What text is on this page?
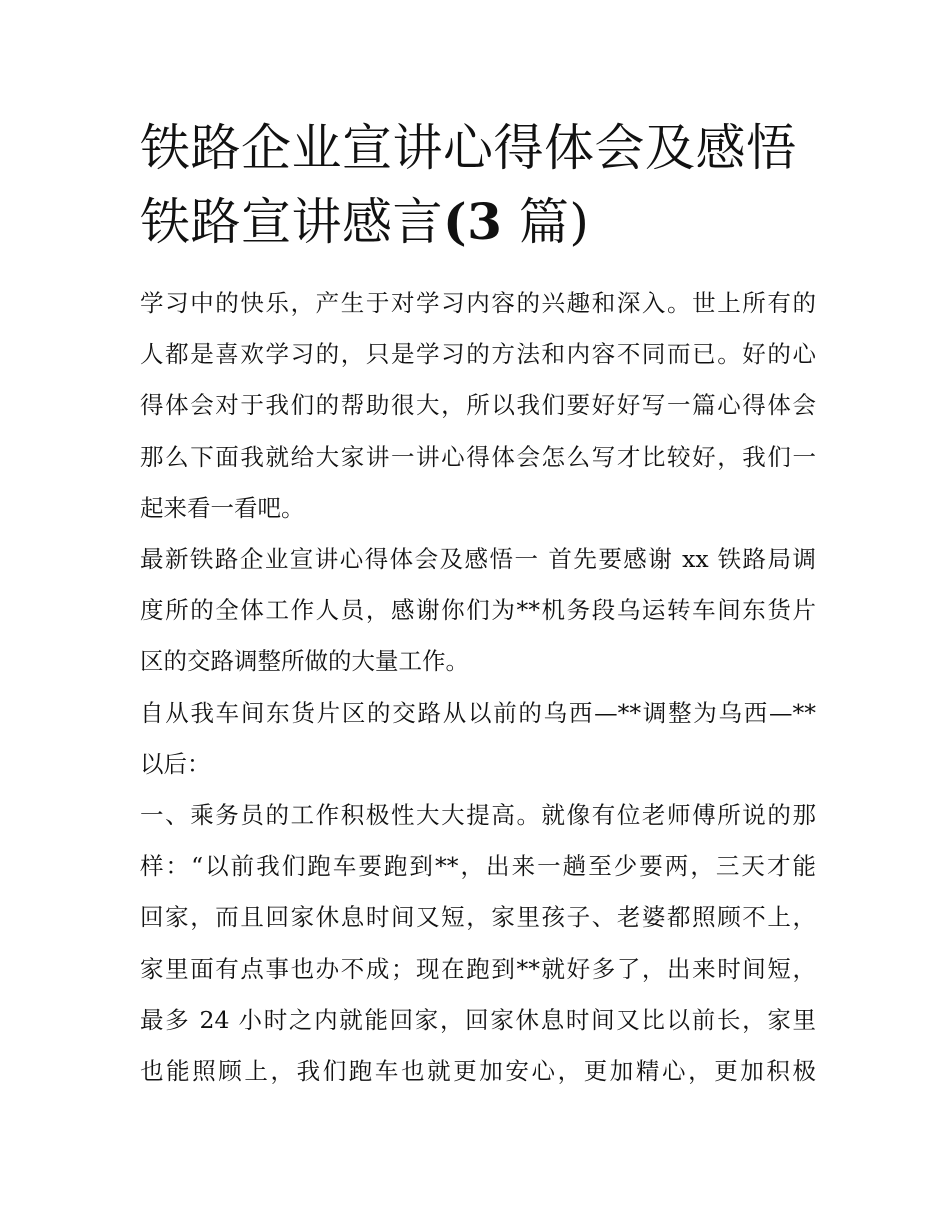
铁路企业宣讲心得体会及感悟
铁路宣讲感言(3 篇)
学习中的快乐，产生于对学习内容的兴趣和深入。世上所有的
人都是喜欢学习的，只是学习的方法和内容不同而已。好的心
得体会对于我们的帮助很大，所以我们要好好写一篇心得体会
那么下面我就给大家讲一讲心得体会怎么写才比较好，我们一
起来看一看吧。
最新铁路企业宣讲心得体会及感悟一 首先要感谢 xx 铁路局调
度所的全体工作人员，感谢你们为**机务段乌运转车间东货片
区的交路调整所做的大量工作。
自从我车间东货片区的交路从以前的乌西—**调整为乌西—**
以后：
一、乘务员的工作积极性大大提高。就像有位老师傅所说的那
样：“以前我们跑车要跑到**，出来一趟至少要两，三天才能
回家，而且回家休息时间又短，家里孩子、老婆都照顾不上，
家里面有点事也办不成；现在跑到**就好多了，出来时间短，
最多 24 小时之内就能回家，回家休息时间又比以前长，家里
也能照顾上，我们跑车也就更加安心，更加精心，更加积极
